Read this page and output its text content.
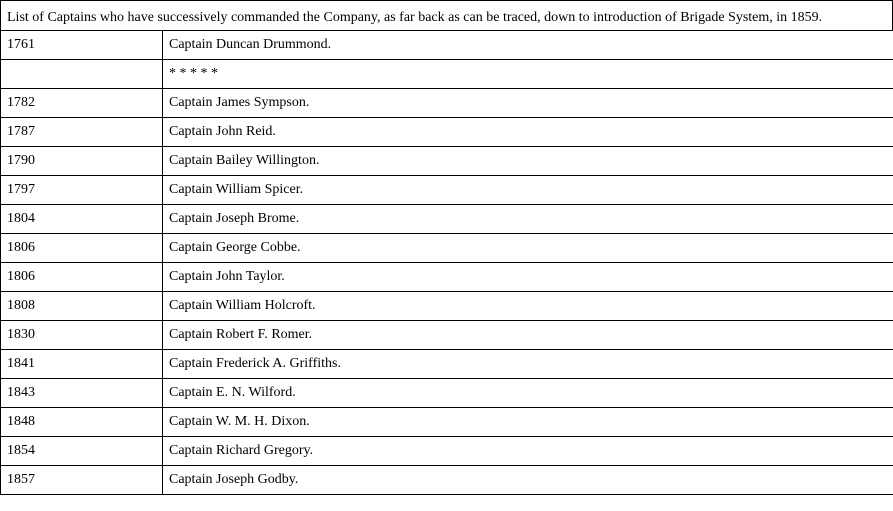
List of Captains who have successively commanded the Company, as far back as can be traced, down to introduction of Brigade System, in 1859.
1761	Captain Duncan Drummond.
	* * * * *
1782	Captain James Sympson.
1787	Captain John Reid.
1790	Captain Bailey Willington.
1797	Captain William Spicer.
1804	Captain Joseph Brome.
1806	Captain George Cobbe.
1806	Captain John Taylor.
1808	Captain William Holcroft.
1830	Captain Robert F. Romer.
1841	Captain Frederick A. Griffiths.
1843	Captain E. N. Wilford.
1848	Captain W. M. H. Dixon.
1854	Captain Richard Gregory.
1857	Captain Joseph Godby.
